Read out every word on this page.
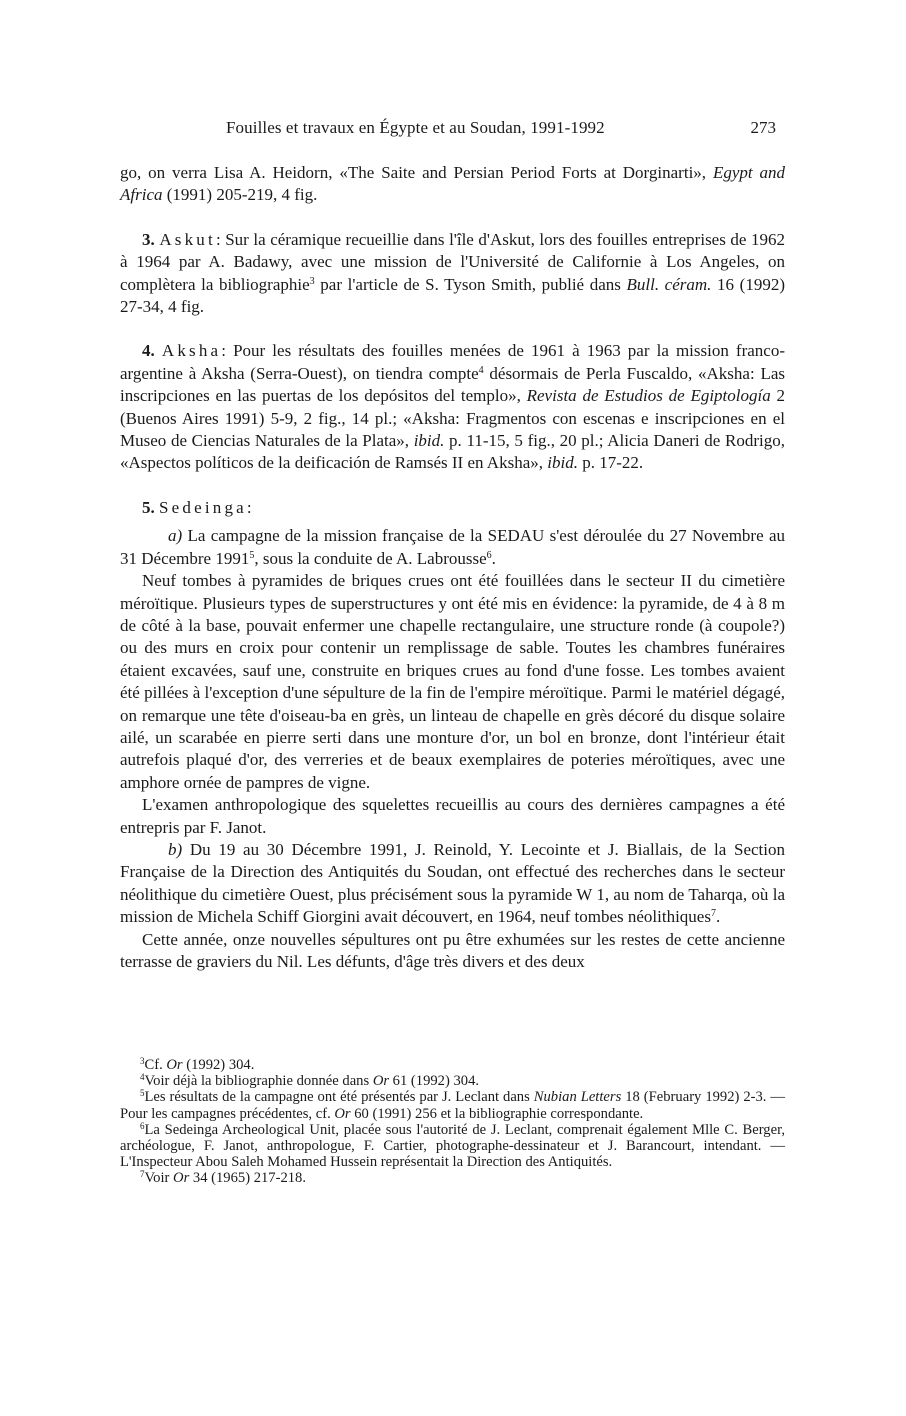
Fouilles et travaux en Égypte et au Soudan, 1991-1992	273

go, on verra Lisa A. Heidorn, «The Saite and Persian Period Forts at Dorginarti», Egypt and Africa (1991) 205-219, 4 fig.

3. Askut: Sur la céramique recueillie dans l'île d'Askut, lors des fouilles entreprises de 1962 à 1964 par A. Badawy, avec une mission de l'Université de Californie à Los Angeles, on complètera la bibliographie$^3$ par l'article de S. Tyson Smith, publié dans Bull. céram. 16 (1992) 27-34, 4 fig.

4. Aksha: Pour les résultats des fouilles menées de 1961 à 1963 par la mission franco-argentine à Aksha (Serra-Ouest), on tiendra compte$^4$ désormais de Perla Fuscaldo, «Aksha: Las inscripciones en las puertas de los depósitos del templo», Revista de Estudios de Egiptología 2 (Buenos Aires 1991) 5-9, 2 fig., 14 pl.; «Aksha: Fragmentos con escenas e inscripciones en el Museo de Ciencias Naturales de la Plata», ibid. p. 11-15, 5 fig., 20 pl.; Alicia Daneri de Rodrigo, «Aspectos políticos de la deificación de Ramsés II en Aksha», ibid. p. 17-22.

5. Sedeinga:

a) La campagne de la mission française de la SEDAU s'est déroulée du 27 Novembre au 31 Décembre 1991$^5$, sous la conduite de A. Labrousse$^6$.

Neuf tombes à pyramides de briques crues ont été fouillées dans le secteur II du cimetière méroïtique. Plusieurs types de superstructures y ont été mis en évidence: la pyramide, de 4 à 8 m de côté à la base, pouvait enfermer une chapelle rectangulaire, une structure ronde (à coupole?) ou des murs en croix pour contenir un remplissage de sable. Toutes les chambres funéraires étaient excavées, sauf une, construite en briques crues au fond d'une fosse. Les tombes avaient été pillées à l'exception d'une sépulture de la fin de l'empire méroïtique. Parmi le matériel dégagé, on remarque une tête d'oiseau-ba en grès, un linteau de chapelle en grès décoré du disque solaire ailé, un scarabée en pierre serti dans une monture d'or, un bol en bronze, dont l'intérieur était autrefois plaqué d'or, des verreries et de beaux exemplaires de poteries méroïtiques, avec une amphore ornée de pampres de vigne.

L'examen anthropologique des squelettes recueillis au cours des dernières campagnes a été entrepris par F. Janot.

b) Du 19 au 30 Décembre 1991, J. Reinold, Y. Lecointe et J. Biallais, de la Section Française de la Direction des Antiquités du Soudan, ont effectué des recherches dans le secteur néolithique du cimetière Ouest, plus précisément sous la pyramide W 1, au nom de Taharqa, où la mission de Michela Schiff Giorgini avait découvert, en 1964, neuf tombes néolithiques$^7$.

Cette année, onze nouvelles sépultures ont pu être exhumées sur les restes de cette ancienne terrasse de graviers du Nil. Les défunts, d'âge très divers et des deux

$^3$Cf. Or (1992) 304.

$^4$Voir déjà la bibliographie donnée dans Or 61 (1992) 304.

$^5$Les résultats de la campagne ont été présentés par J. Leclant dans Nubian Letters 18 (February 1992) 2-3. — Pour les campagnes précédentes, cf. Or 60 (1991) 256 et la bibliographie correspondante.

$^6$La Sedeinga Archeological Unit, placée sous l'autorité de J. Leclant, comprenait également Mlle C. Berger, archéologue, F. Janot, anthropologue, F. Cartier, photographe-dessinateur et J. Barancourt, intendant. — L'Inspecteur Abou Saleh Mohamed Hussein représentait la Direction des Antiquités.

$^7$Voir Or 34 (1965) 217-218.
